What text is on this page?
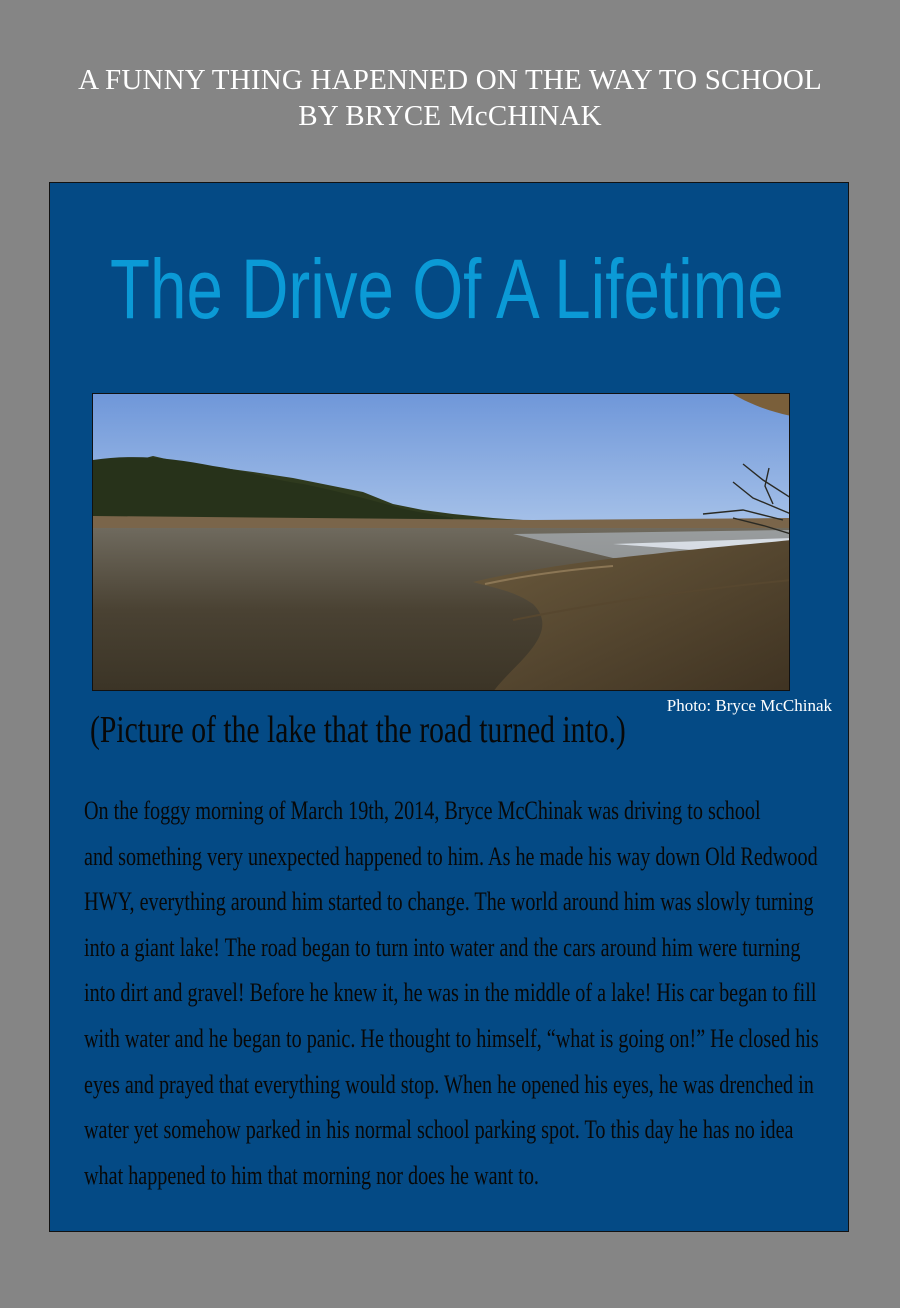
A FUNNY THING HAPENNED ON THE WAY TO SCHOOL
BY BRYCE McCHINAK
The Drive Of A Lifetime
Photo: Bryce McChinak
(Picture of the lake that the road turned into.)
On the foggy morning of March 19th, 2014, Bryce McChinak was driving to school
and something very unexpected happened to him. As he made his way down Old Redwood
HWY, everything around him started to change. The world around him was slowly turning
into a giant lake! The road began to turn into water and the cars around him were turning
into dirt and gravel! Before he knew it, he was in the middle of a lake! His car began to fill
with water and he began to panic. He thought to himself, “what is going on!” He closed his
eyes and prayed that everything would stop. When he opened his eyes, he was drenched in
water yet somehow parked in his normal school parking spot. To this day he has no idea
what happened to him that morning nor does he want to.
